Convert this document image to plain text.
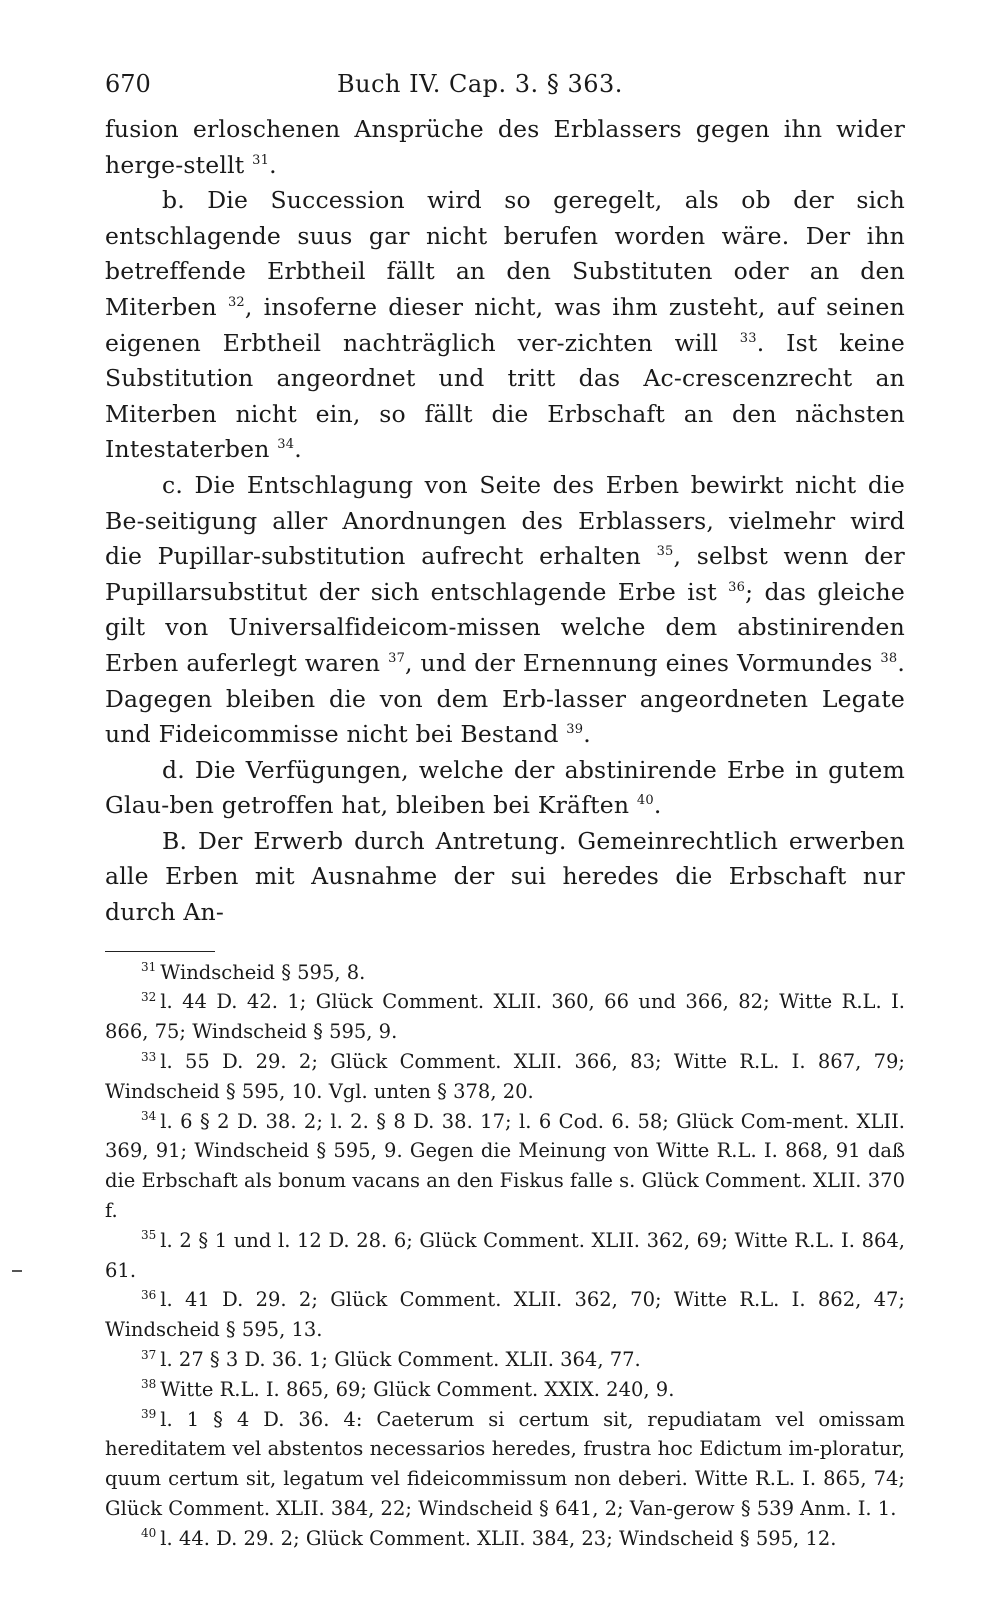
670	Buch IV. Cap. 3. § 363.

fusion erloschenen Ansprüche des Erblassers gegen ihn wider herge-stellt $^{31}$.

b. Die Succession wird so geregelt, als ob der sich entschlagende suus gar nicht berufen worden wäre. Der ihn betreffende Erbtheil fällt an den Substituten oder an den Miterben $^{32}$, insoferne dieser nicht, was ihm zusteht, auf seinen eigenen Erbtheil nachträglich ver-zichten will $^{33}$. Ist keine Substitution angeordnet und tritt das Ac-crescenzrecht an Miterben nicht ein, so fällt die Erbschaft an den nächsten Intestaterben $^{34}$.

c. Die Entschlagung von Seite des Erben bewirkt nicht die Be-seitigung aller Anordnungen des Erblassers, vielmehr wird die Pupillar-substitution aufrecht erhalten $^{35}$, selbst wenn der Pupillarsubstitut der sich entschlagende Erbe ist $^{36}$; das gleiche gilt von Universalfideicom-missen welche dem abstinirenden Erben auferlegt waren $^{37}$, und der Ernennung eines Vormundes $^{38}$. Dagegen bleiben die von dem Erb-lasser angeordneten Legate und Fideicommisse nicht bei Bestand $^{39}$.

d. Die Verfügungen, welche der abstinirende Erbe in gutem Glau-ben getroffen hat, bleiben bei Kräften $^{40}$.

B. Der Erwerb durch Antretung. Gemeinrechtlich erwerben alle Erben mit Ausnahme der sui heredes die Erbschaft nur durch An-

$^{31}$ Windscheid § 595, 8.

$^{32}$ l. 44 D. 42. 1; Glück Comment. XLII. 360, 66 und 366, 82; Witte R.L. I. 866, 75; Windscheid § 595, 9.

$^{33}$ l. 55 D. 29. 2; Glück Comment. XLII. 366, 83; Witte R.L. I. 867, 79; Windscheid § 595, 10. Vgl. unten § 378, 20.

$^{34}$ l. 6 § 2 D. 38. 2; l. 2. § 8 D. 38. 17; l. 6 Cod. 6. 58; Glück Com-ment. XLII. 369, 91; Windscheid § 595, 9. Gegen die Meinung von Witte R.L. I. 868, 91 daß die Erbschaft als bonum vacans an den Fiskus falle s. Glück Comment. XLII. 370 f.

$^{35}$ l. 2 § 1 und l. 12 D. 28. 6; Glück Comment. XLII. 362, 69; Witte R.L. I. 864, 61.

$^{36}$ l. 41 D. 29. 2; Glück Comment. XLII. 362, 70; Witte R.L. I. 862, 47; Windscheid § 595, 13.

$^{37}$ l. 27 § 3 D. 36. 1; Glück Comment. XLII. 364, 77.

$^{38}$ Witte R.L. I. 865, 69; Glück Comment. XXIX. 240, 9.

$^{39}$ l. 1 § 4 D. 36. 4: Caeterum si certum sit, repudiatam vel omissam hereditatem vel abstentos necessarios heredes, frustra hoc Edictum im-ploratur, quum certum sit, legatum vel fideicommissum non deberi. Witte R.L. I. 865, 74; Glück Comment. XLII. 384, 22; Windscheid § 641, 2; Van-gerow § 539 Anm. I. 1.

$^{40}$ l. 44. D. 29. 2; Glück Comment. XLII. 384, 23; Windscheid § 595, 12.
